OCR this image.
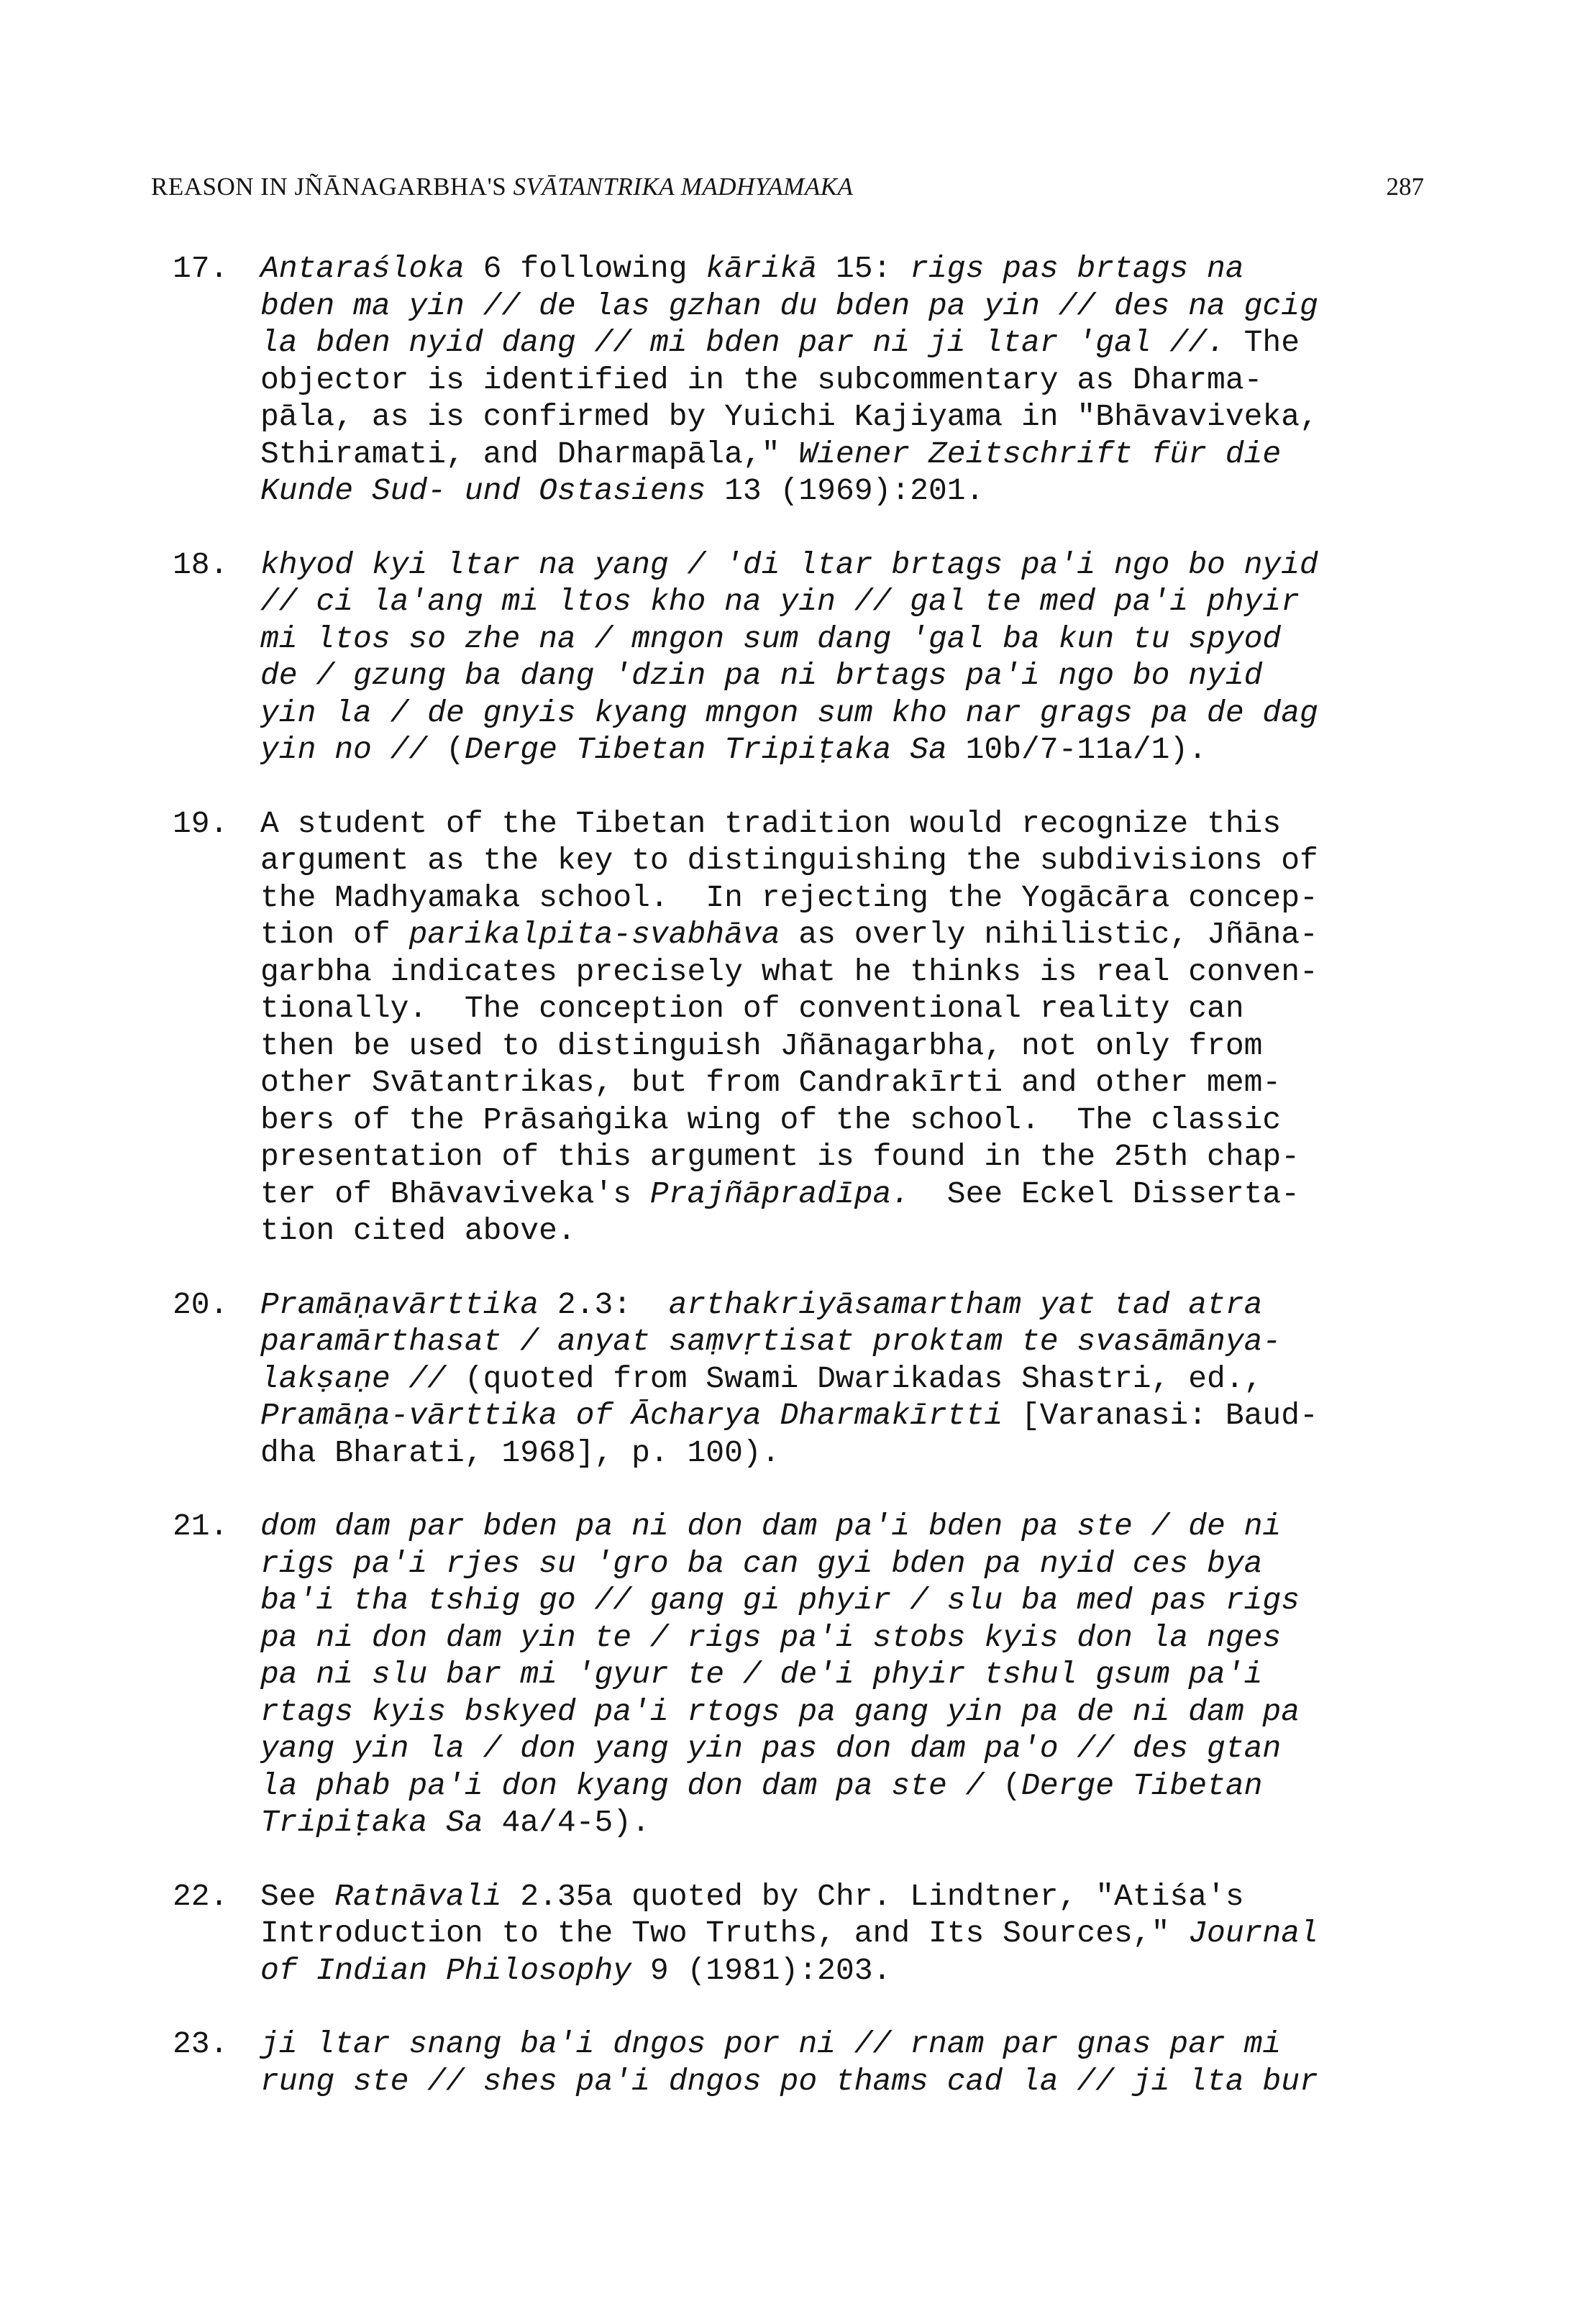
REASON IN JÑĀNAGARBHA'S SVĀTANTRIKA MADHYAMAKA	287
17.	Antaraśloka 6 following kārikā 15: rigs pas brtags na
bden ma yin // de las gzhan du bden pa yin // des na gcig
la bden nyid dang // mi bden par ni ji ltar 'gal //. The
objector is identified in the subcommentary as Dharma-
pāla, as is confirmed by Yuichi Kajiyama in "Bhāvaviveka,
Sthiramati, and Dharmapāla," Wiener Zeitschrift für die
Kunde Sud- und Ostasiens 13 (1969):201.
18.	khyod kyi ltar na yang / 'di ltar brtags pa'i ngo bo nyid
// ci la'ang mi ltos kho na yin // gal te med pa'i phyir
mi ltos so zhe na / mngon sum dang 'gal ba kun tu spyod
de / gzung ba dang 'dzin pa ni brtags pa'i ngo bo nyid
yin la / de gnyis kyang mngon sum kho nar grags pa de dag
yin no // (Derge Tibetan Tripiṭaka Sa 10b/7-11a/1).
19.	A student of the Tibetan tradition would recognize this
argument as the key to distinguishing the subdivisions of
the Madhyamaka school.  In rejecting the Yogācāra concep-
tion of parikalpita-svabhāva as overly nihilistic, Jñāna-
garbha indicates precisely what he thinks is real conven-
tionally.  The conception of conventional reality can
then be used to distinguish Jñānagarbha, not only from
other Svātantrikas, but from Candrakīrti and other mem-
bers of the Prāsaṅgika wing of the school.  The classic
presentation of this argument is found in the 25th chap-
ter of Bhāvaviveka's Prajñāpradīpa.  See Eckel Disserta-
tion cited above.
20.	Pramāṇavārttika 2.3:  arthakriyāsamartham yat tad atra
paramārthasat / anyat saṃvṛtisat proktam te svasāmānya-
lakṣaṇe // (quoted from Swami Dwarikadas Shastri, ed.,
Pramāṇa-vārttika of Ācharya Dharmakīrtti [Varanasi: Baud-
dha Bharati, 1968], p. 100).
21.	dom dam par bden pa ni don dam pa'i bden pa ste / de ni
rigs pa'i rjes su 'gro ba can gyi bden pa nyid ces bya
ba'i tha tshig go // gang gi phyir / slu ba med pas rigs
pa ni don dam yin te / rigs pa'i stobs kyis don la nges
pa ni slu bar mi 'gyur te / de'i phyir tshul gsum pa'i
rtags kyis bskyed pa'i rtogs pa gang yin pa de ni dam pa
yang yin la / don yang yin pas don dam pa'o // des gtan
la phab pa'i don kyang don dam pa ste / (Derge Tibetan
Tripiṭaka Sa 4a/4-5).
22.	See Ratnāvali 2.35a quoted by Chr. Lindtner, "Atiśa's
Introduction to the Two Truths, and Its Sources," Journal
of Indian Philosophy 9 (1981):203.
23.	ji ltar snang ba'i dngos por ni // rnam par gnas par mi
rung ste // shes pa'i dngos po thams cad la // ji lta bur
